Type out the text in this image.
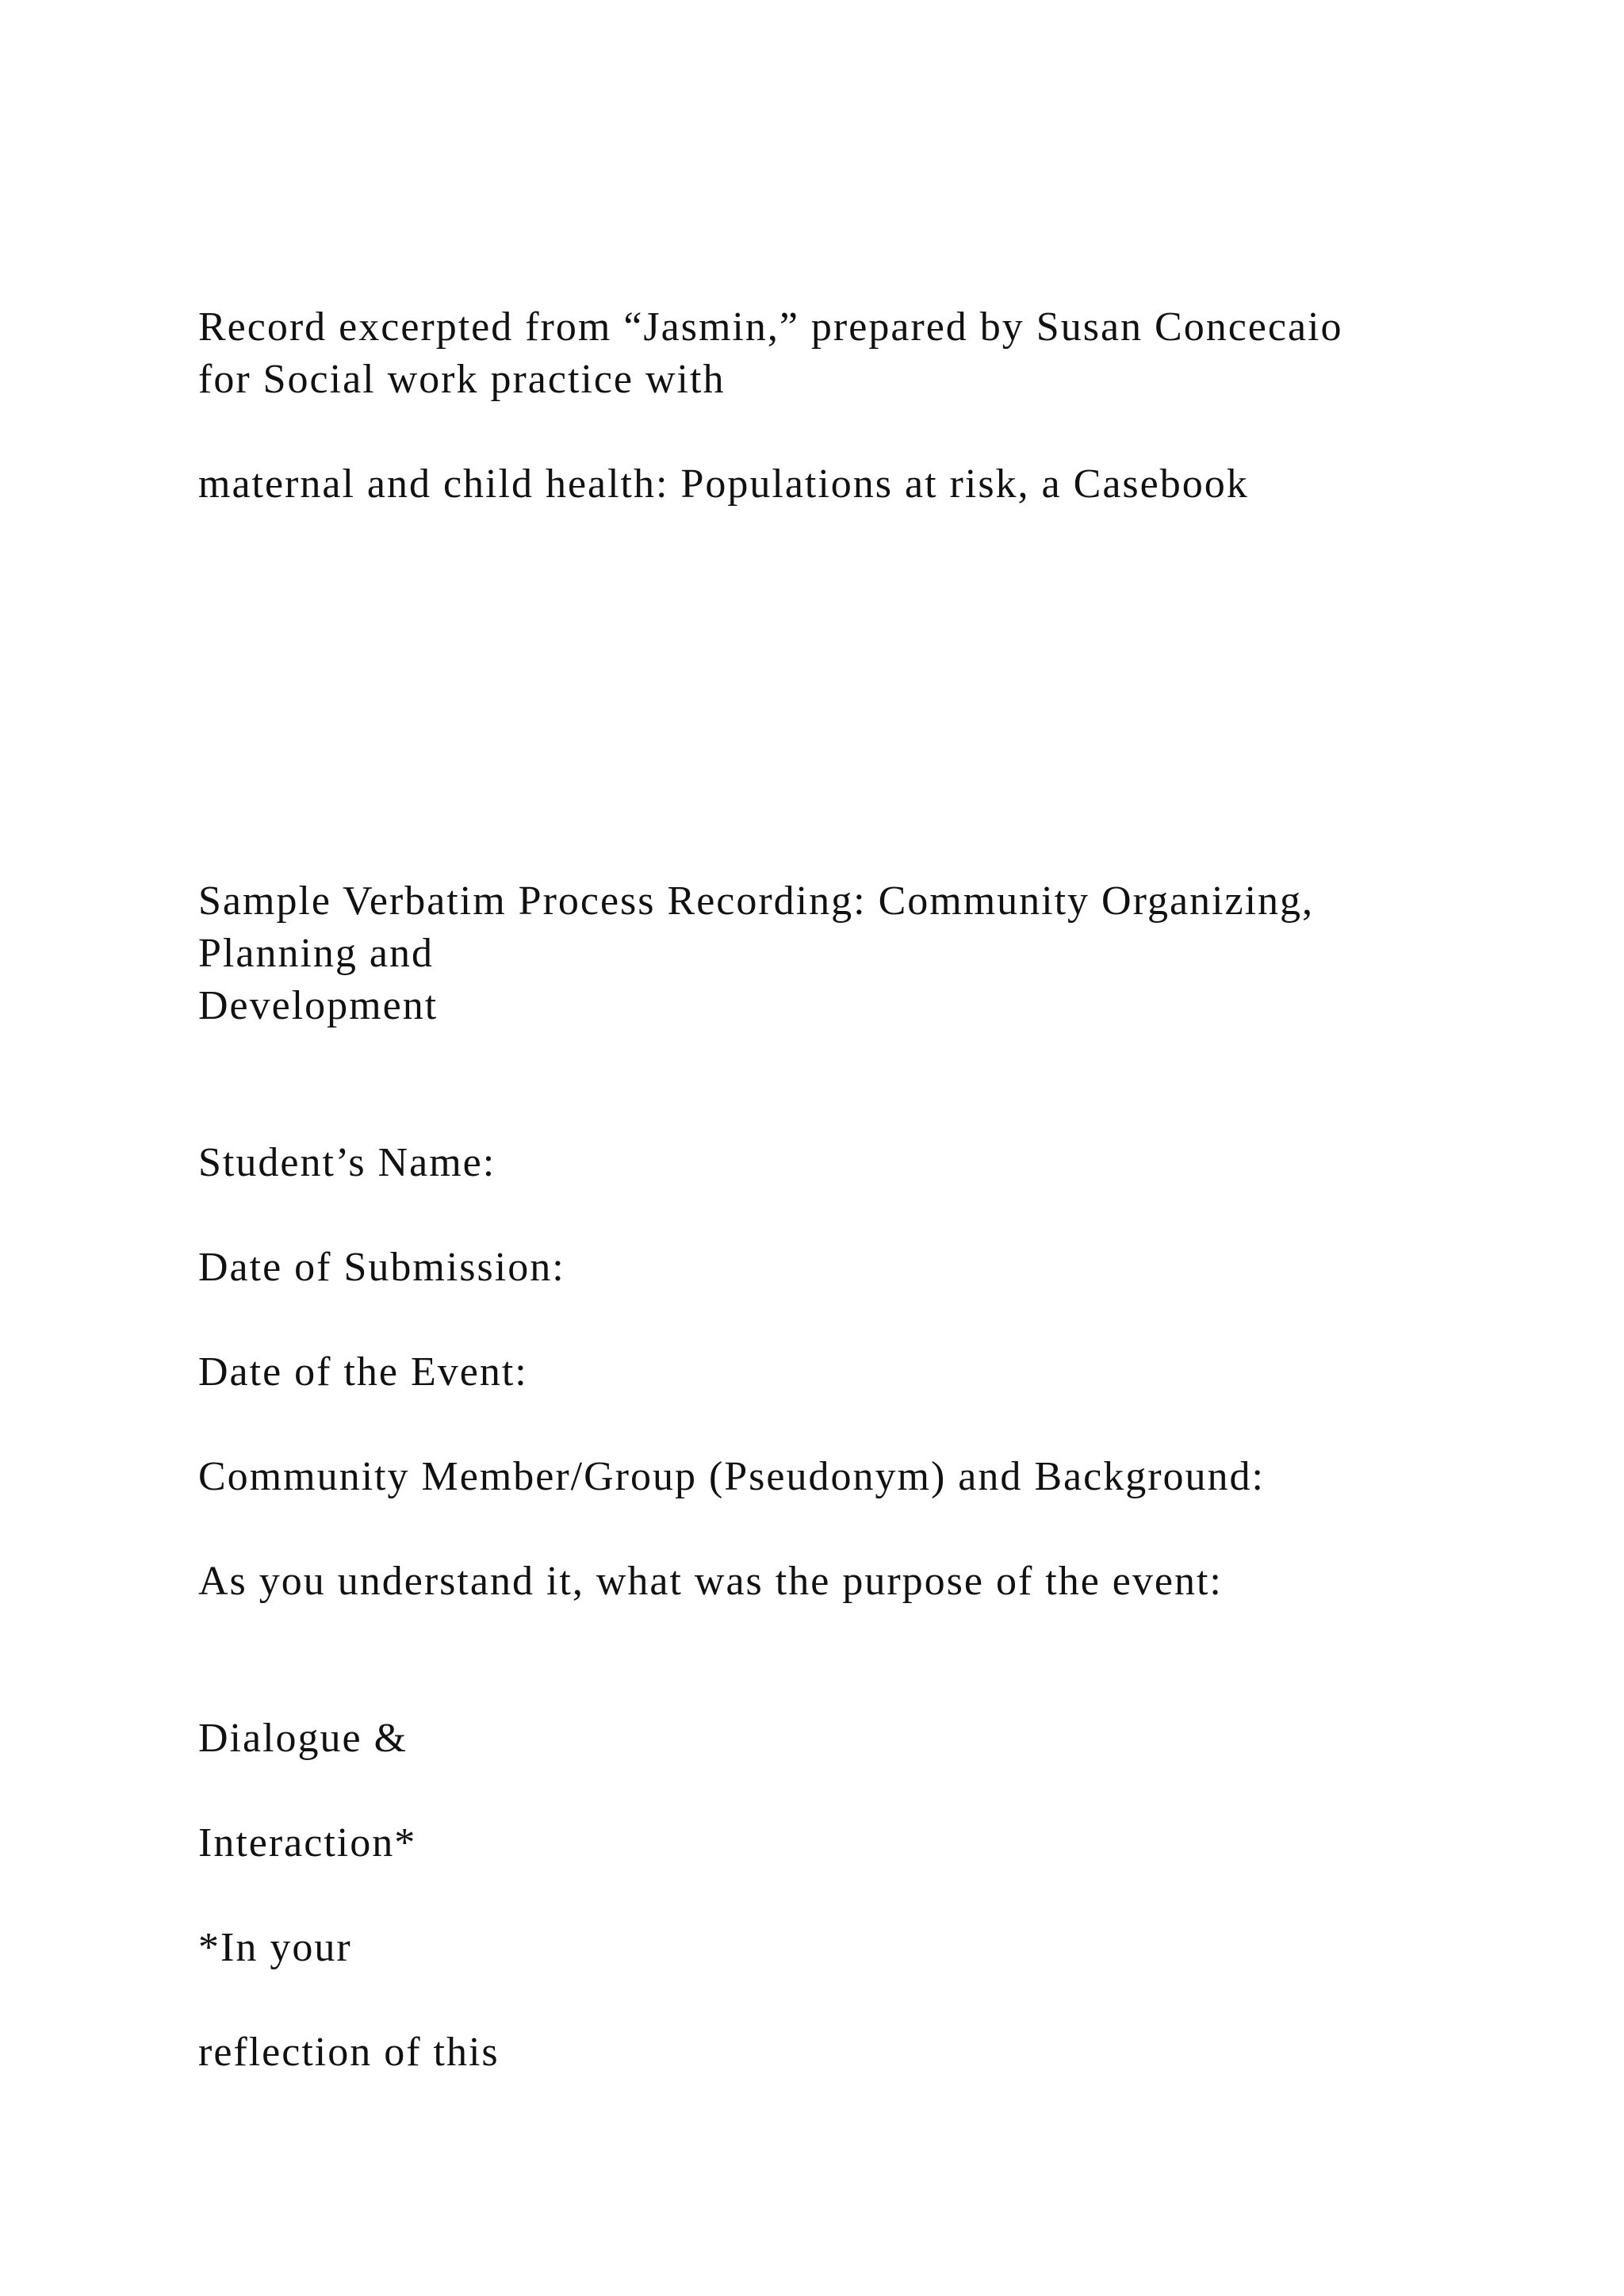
Record excerpted from “Jasmin,” prepared by Susan Concecaio
for Social work practice with
maternal and child health: Populations at risk, a Casebook
Sample Verbatim Process Recording: Community Organizing,
Planning and
Development
Student’s Name:
Date of Submission:
Date of the Event:
Community Member/Group (Pseudonym) and Background:
As you understand it, what was the purpose of the event:
Dialogue &
Interaction*
*In your
reflection of this
